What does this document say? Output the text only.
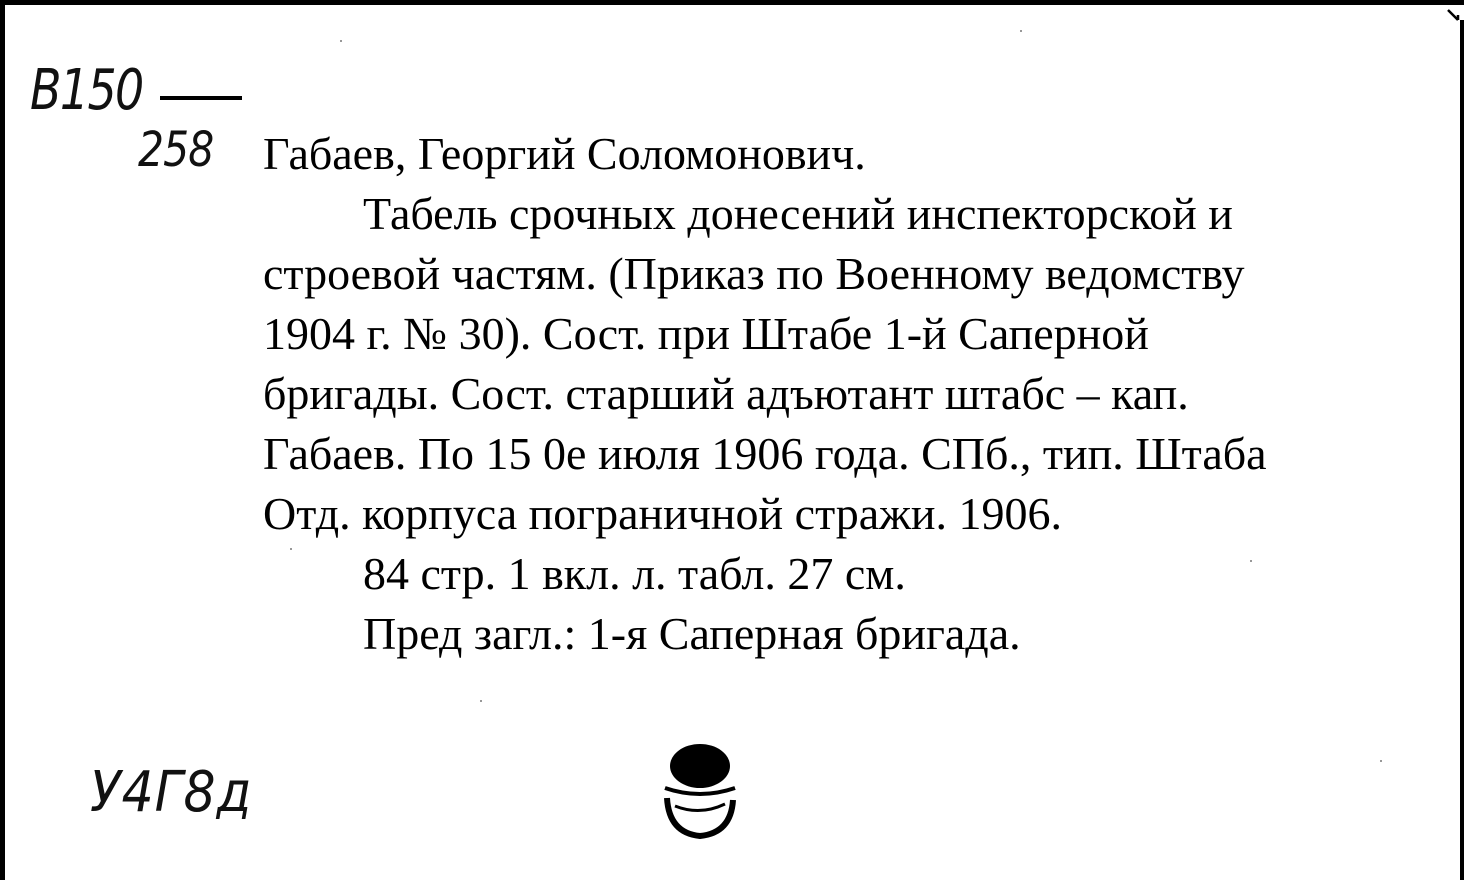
В150
258 Габаев, Георгий Соломонович.
Табель срочных донесений инспекторской и
строевой частям. (Приказ по Военному ведомству
1904 г. № 30). Сост. при Штабе 1-й Саперной
бригады. Сост. старший адъютант штабс – кап.
Габаев. По 15 0е июля 1906 года. СПб., тип. Штаба
Отд. корпуса пограничной стражи. 1906.
84 стр. 1 вкл. л. табл. 27 см.
Пред загл.: 1-я Саперная бригада.
У4Г8д
